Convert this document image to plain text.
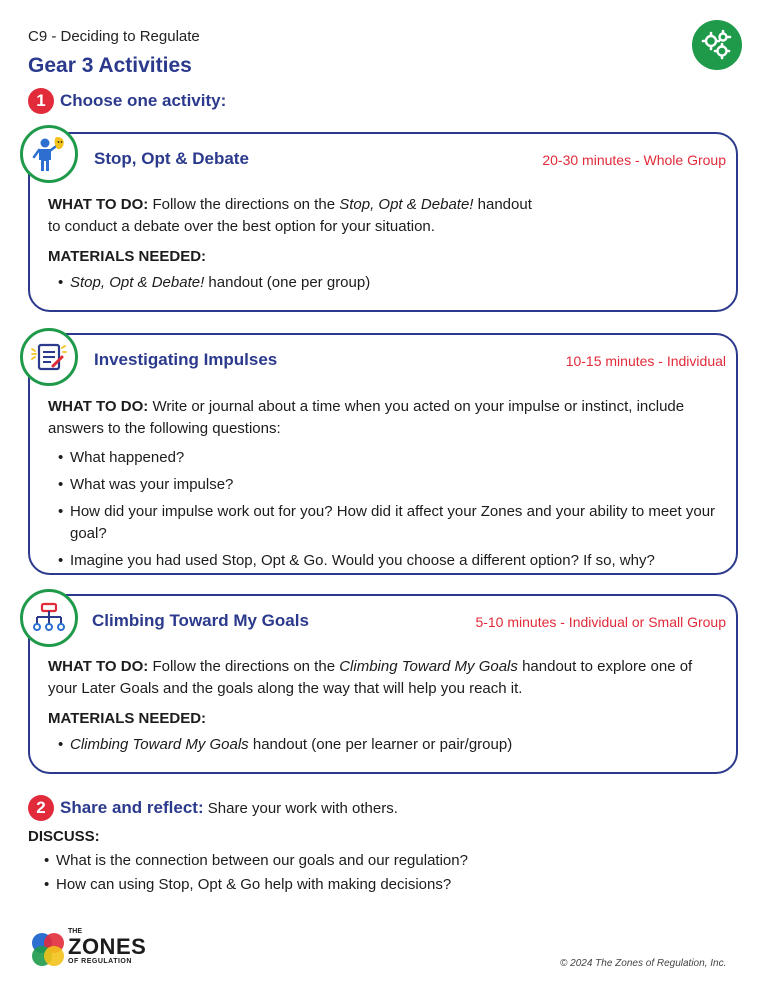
C9 - Deciding to Regulate
Gear 3 Activities
1 Choose one activity:
Stop, Opt & Debate	20-30 minutes - Whole Group
WHAT TO DO: Follow the directions on the Stop, Opt & Debate! handout
to conduct a debate over the best option for your situation.
MATERIALS NEEDED:
• Stop, Opt & Debate! handout (one per group)
Investigating Impulses	10-15 minutes - Individual
WHAT TO DO: Write or journal about a time when you acted on your impulse or instinct, include answers to the following questions:
• What happened?
• What was your impulse?
• How did your impulse work out for you? How did it affect your Zones and your ability to meet your goal?
• Imagine you had used Stop, Opt & Go. Would you choose a different option? If so, why?
Climbing Toward My Goals	5-10 minutes - Individual or Small Group
WHAT TO DO: Follow the directions on the Climbing Toward My Goals handout to explore one of your Later Goals and the goals along the way that will help you reach it.
MATERIALS NEEDED:
• Climbing Toward My Goals handout (one per learner or pair/group)
2 Share and reflect: Share your work with others.
DISCUSS:
• What is the connection between our goals and our regulation?
• How can using Stop, Opt & Go help with making decisions?
THE
ZONES
OF REGULATION	© 2024 The Zones of Regulation, Inc.
